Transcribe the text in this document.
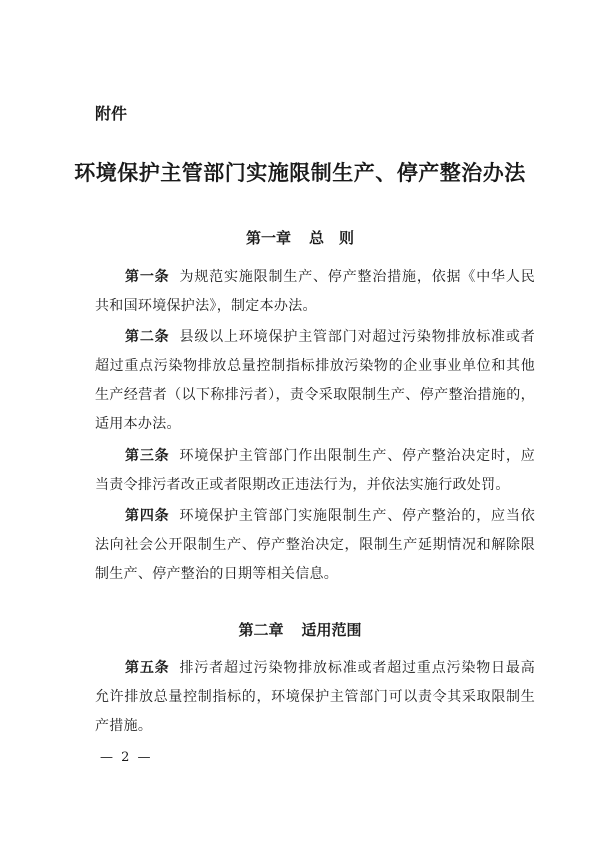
附件
环境保护主管部门实施限制生产、停产整治办法
第一章 总　则
第一条 为规范实施限制生产、停产整治措施，依据《中华人民共和国环境保护法》，制定本办法。
第二条 县级以上环境保护主管部门对超过污染物排放标准或者超过重点污染物排放总量控制指标排放污染物的企业事业单位和其他生产经营者（以下称排污者），责令采取限制生产、停产整治措施的，适用本办法。
第三条 环境保护主管部门作出限制生产、停产整治决定时，应当责令排污者改正或者限期改正违法行为，并依法实施行政处罚。
第四条 环境保护主管部门实施限制生产、停产整治的，应当依法向社会公开限制生产、停产整治决定，限制生产延期情况和解除限制生产、停产整治的日期等相关信息。
第二章 适用范围
第五条 排污者超过污染物排放标准或者超过重点污染物日最高允许排放总量控制指标的，环境保护主管部门可以责令其采取限制生产措施。
— 2 —
